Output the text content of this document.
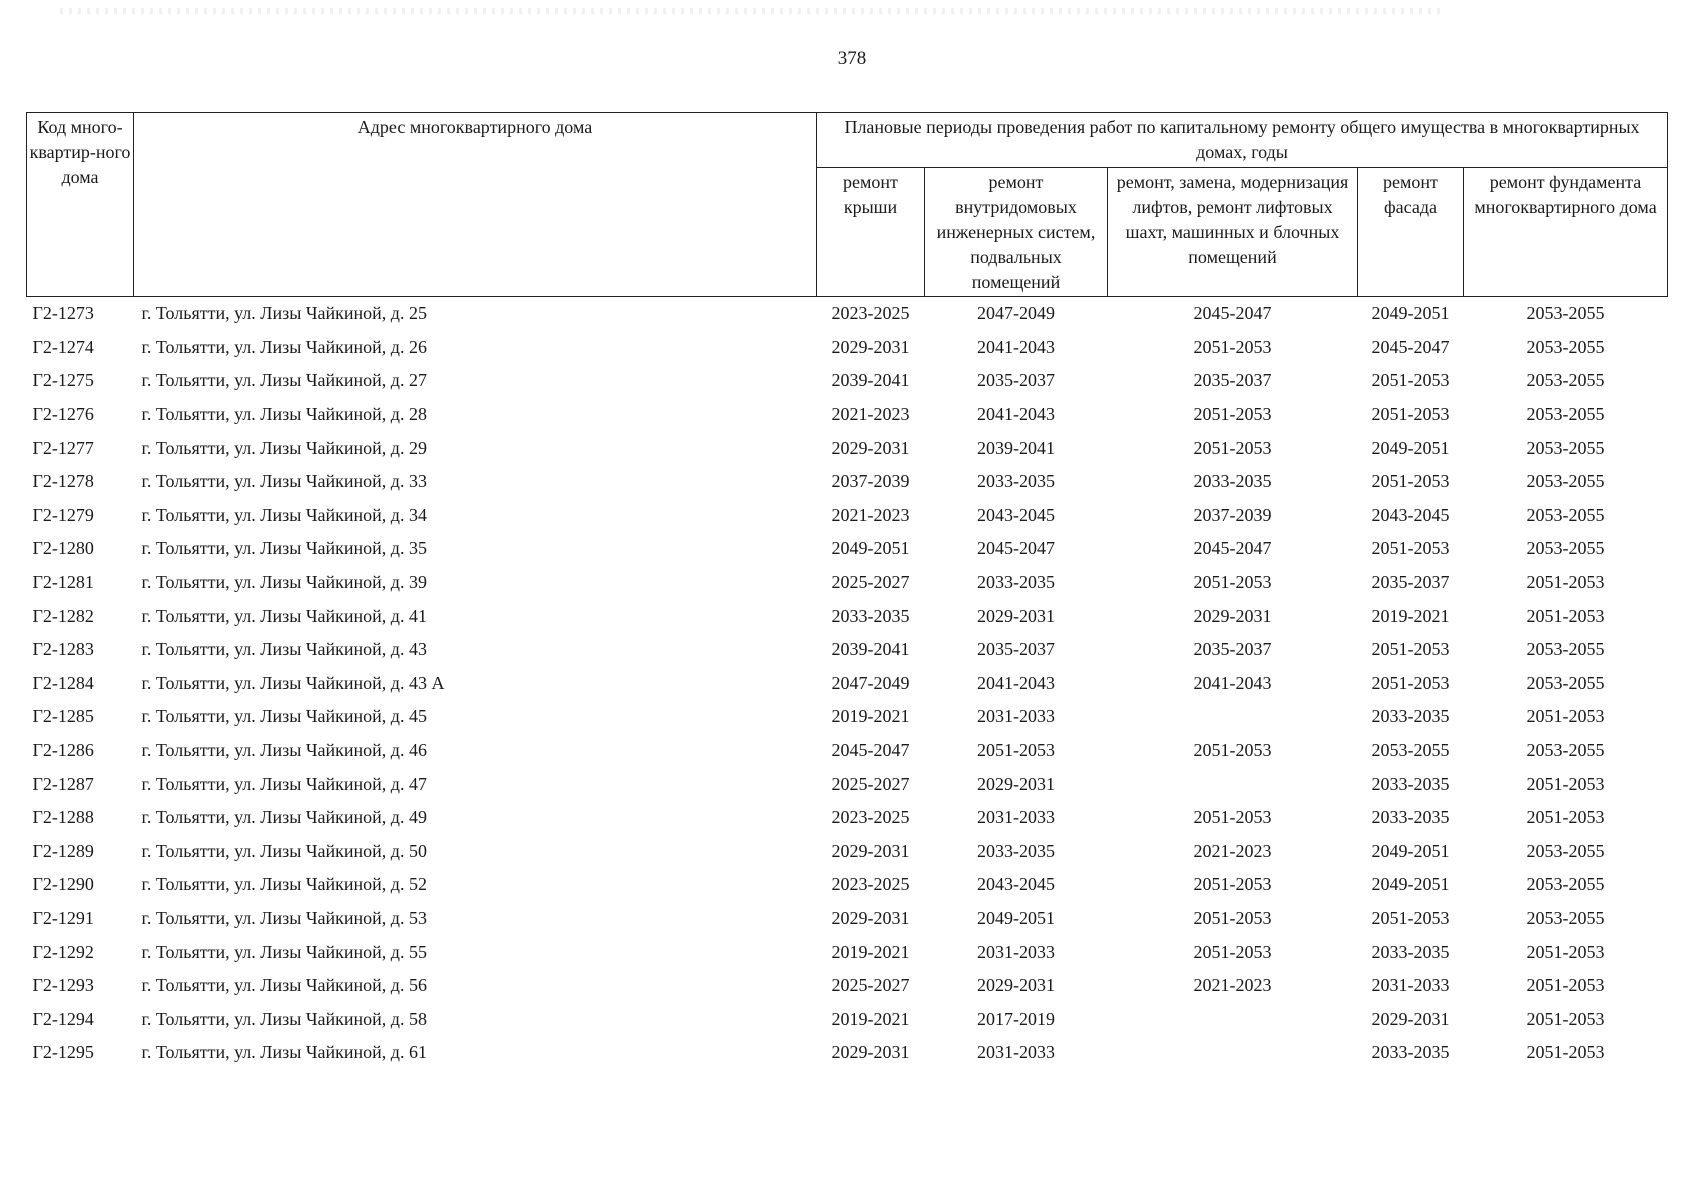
378
Код много-квартир-ного дома	Адрес многоквартирного дома	Плановые периоды проведения работ по капитальному ремонту общего имущества в многоквартирных домах, годы				
		ремонт крыши	ремонт внутридомовых инженерных систем, подвальных помещений	ремонт, замена, модернизация лифтов, ремонт лифтовых шахт, машинных и блочных помещений	ремонт фасада	ремонт фундамента многоквартирного дома
Г2-1273	г. Тольятти, ул. Лизы Чайкиной, д. 25	2023-2025	2047-2049	2045-2047	2049-2051	2053-2055
Г2-1274	г. Тольятти, ул. Лизы Чайкиной, д. 26	2029-2031	2041-2043	2051-2053	2045-2047	2053-2055
Г2-1275	г. Тольятти, ул. Лизы Чайкиной, д. 27	2039-2041	2035-2037	2035-2037	2051-2053	2053-2055
Г2-1276	г. Тольятти, ул. Лизы Чайкиной, д. 28	2021-2023	2041-2043	2051-2053	2051-2053	2053-2055
Г2-1277	г. Тольятти, ул. Лизы Чайкиной, д. 29	2029-2031	2039-2041	2051-2053	2049-2051	2053-2055
Г2-1278	г. Тольятти, ул. Лизы Чайкиной, д. 33	2037-2039	2033-2035	2033-2035	2051-2053	2053-2055
Г2-1279	г. Тольятти, ул. Лизы Чайкиной, д. 34	2021-2023	2043-2045	2037-2039	2043-2045	2053-2055
Г2-1280	г. Тольятти, ул. Лизы Чайкиной, д. 35	2049-2051	2045-2047	2045-2047	2051-2053	2053-2055
Г2-1281	г. Тольятти, ул. Лизы Чайкиной, д. 39	2025-2027	2033-2035	2051-2053	2035-2037	2051-2053
Г2-1282	г. Тольятти, ул. Лизы Чайкиной, д. 41	2033-2035	2029-2031	2029-2031	2019-2021	2051-2053
Г2-1283	г. Тольятти, ул. Лизы Чайкиной, д. 43	2039-2041	2035-2037	2035-2037	2051-2053	2053-2055
Г2-1284	г. Тольятти, ул. Лизы Чайкиной, д. 43 А	2047-2049	2041-2043	2041-2043	2051-2053	2053-2055
Г2-1285	г. Тольятти, ул. Лизы Чайкиной, д. 45	2019-2021	2031-2033		2033-2035	2051-2053
Г2-1286	г. Тольятти, ул. Лизы Чайкиной, д. 46	2045-2047	2051-2053	2051-2053	2053-2055	2053-2055
Г2-1287	г. Тольятти, ул. Лизы Чайкиной, д. 47	2025-2027	2029-2031		2033-2035	2051-2053
Г2-1288	г. Тольятти, ул. Лизы Чайкиной, д. 49	2023-2025	2031-2033	2051-2053	2033-2035	2051-2053
Г2-1289	г. Тольятти, ул. Лизы Чайкиной, д. 50	2029-2031	2033-2035	2021-2023	2049-2051	2053-2055
Г2-1290	г. Тольятти, ул. Лизы Чайкиной, д. 52	2023-2025	2043-2045	2051-2053	2049-2051	2053-2055
Г2-1291	г. Тольятти, ул. Лизы Чайкиной, д. 53	2029-2031	2049-2051	2051-2053	2051-2053	2053-2055
Г2-1292	г. Тольятти, ул. Лизы Чайкиной, д. 55	2019-2021	2031-2033	2051-2053	2033-2035	2051-2053
Г2-1293	г. Тольятти, ул. Лизы Чайкиной, д. 56	2025-2027	2029-2031	2021-2023	2031-2033	2051-2053
Г2-1294	г. Тольятти, ул. Лизы Чайкиной, д. 58	2019-2021	2017-2019		2029-2031	2051-2053
Г2-1295	г. Тольятти, ул. Лизы Чайкиной, д. 61	2029-2031	2031-2033		2033-2035	2051-2053
